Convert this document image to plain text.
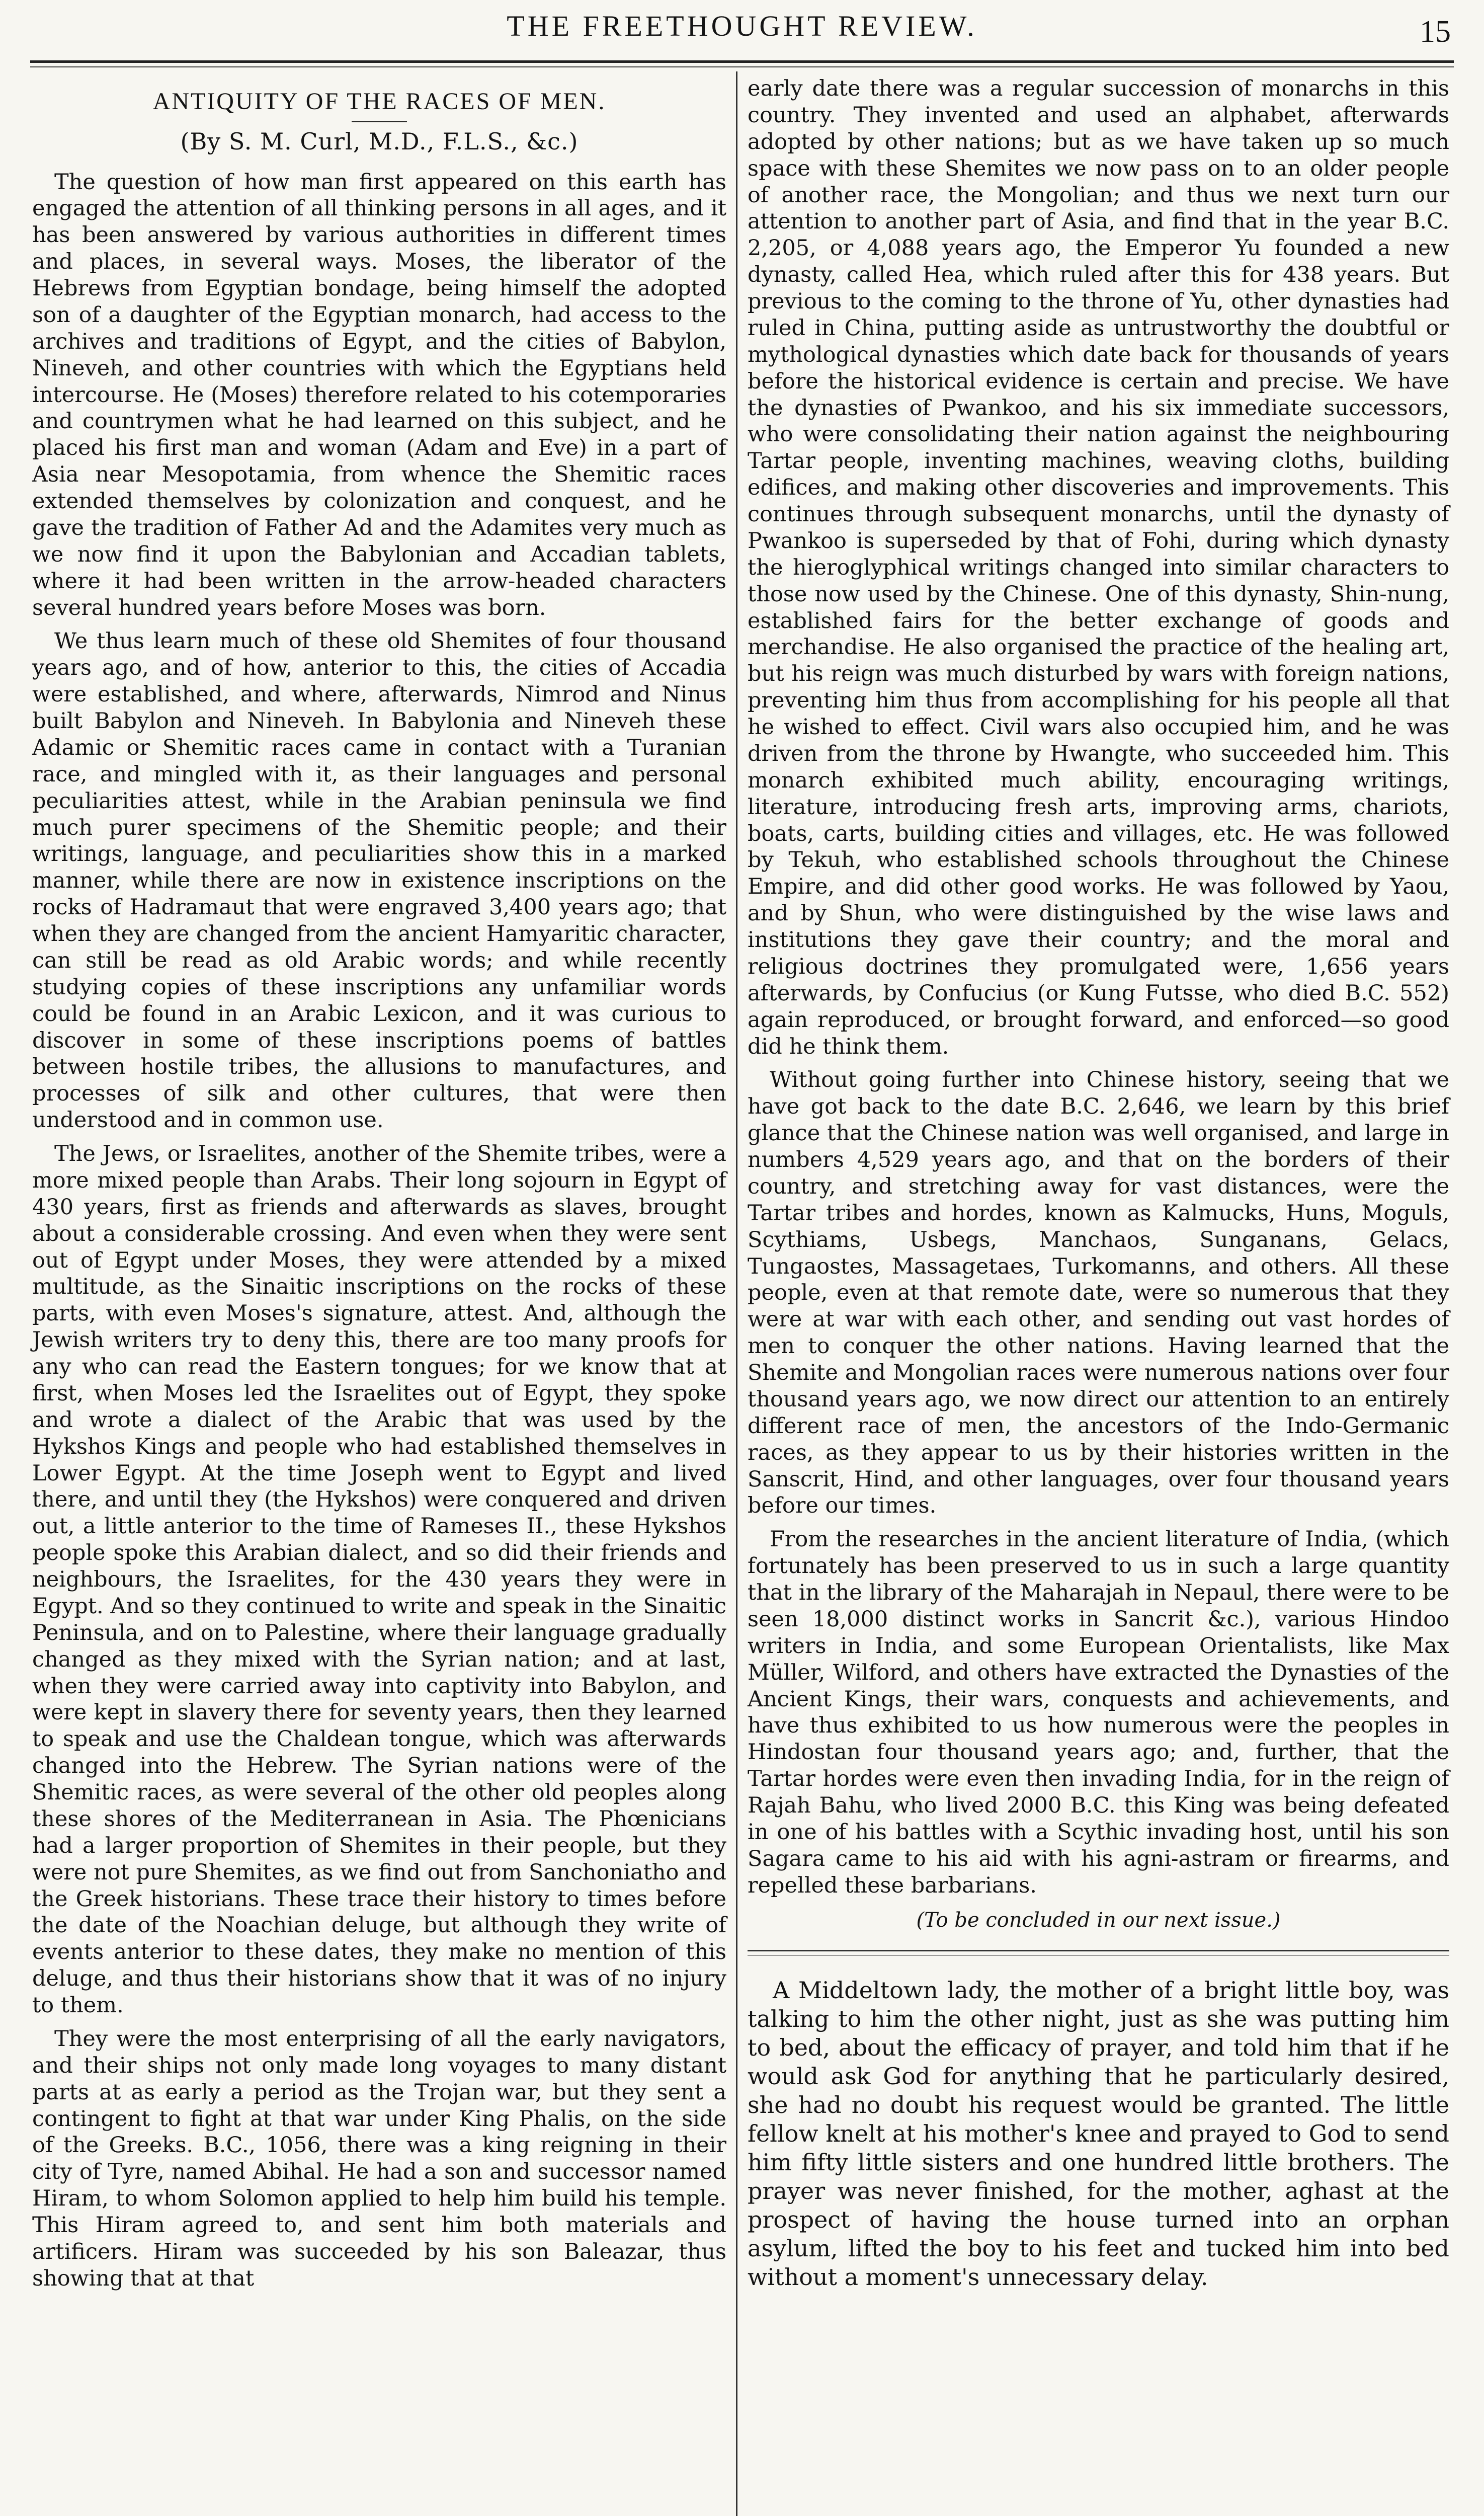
THE FREETHOUGHT REVIEW.	15
ANTIQUITY OF THE RACES OF MEN.
(By S. M. Curl, M.D., F.L.S., &c.)

The question of how man first appeared on this earth has engaged the attention of all thinking persons in all ages, and it has been answered by various authorities in different times and places, in several ways. Moses, the liberator of the Hebrews from Egyptian bondage, being himself the adopted son of a daughter of the Egyptian monarch, had access to the archives and traditions of Egypt, and the cities of Babylon, Nineveh, and other countries with which the Egyptians held intercourse. He (Moses) therefore related to his cotemporaries and countrymen what he had learned on this subject, and he placed his first man and woman (Adam and Eve) in a part of Asia near Mesopotamia, from whence the Shemitic races extended themselves by colonization and conquest, and he gave the tradition of Father Ad and the Adamites very much as we now find it upon the Babylonian and Accadian tablets, where it had been written in the arrow-headed characters several hundred years before Moses was born.

We thus learn much of these old Shemites of four thousand years ago, and of how, anterior to this, the cities of Accadia were established, and where, afterwards, Nimrod and Ninus built Babylon and Nineveh. In Babylonia and Nineveh these Adamic or Shemitic races came in contact with a Turanian race, and mingled with it, as their languages and personal peculiarities attest, while in the Arabian peninsula we find much purer specimens of the Shemitic people; and their writings, language, and peculiarities show this in a marked manner, while there are now in existence inscriptions on the rocks of Hadramaut that were engraved 3,400 years ago; that when they are changed from the ancient Hamyaritic character, can still be read as old Arabic words; and while recently studying copies of these inscriptions any unfamiliar words could be found in an Arabic Lexicon, and it was curious to discover in some of these inscriptions poems of battles between hostile tribes, the allusions to manufactures, and processes of silk and other cultures, that were then understood and in common use.

The Jews, or Israelites, another of the Shemite tribes, were a more mixed people than Arabs. Their long sojourn in Egypt of 430 years, first as friends and afterwards as slaves, brought about a considerable crossing. And even when they were sent out of Egypt under Moses, they were attended by a mixed multitude, as the Sinaitic inscriptions on the rocks of these parts, with even Moses's signature, attest. And, although the Jewish writers try to deny this, there are too many proofs for any who can read the Eastern tongues; for we know that at first, when Moses led the Israelites out of Egypt, they spoke and wrote a dialect of the Arabic that was used by the Hykshos Kings and people who had established themselves in Lower Egypt. At the time Joseph went to Egypt and lived there, and until they (the Hykshos) were conquered and driven out, a little anterior to the time of Rameses II., these Hykshos people spoke this Arabian dialect, and so did their friends and neighbours, the Israelites, for the 430 years they were in Egypt. And so they continued to write and speak in the Sinaitic Peninsula, and on to Palestine, where their language gradually changed as they mixed with the Syrian nation; and at last, when they were carried away into captivity into Babylon, and were kept in slavery there for seventy years, then they learned to speak and use the Chaldean tongue, which was afterwards changed into the Hebrew. The Syrian nations were of the Shemitic races, as were several of the other old peoples along these shores of the Mediterranean in Asia. The Phœnicians had a larger proportion of Shemites in their people, but they were not pure Shemites, as we find out from Sanchoniatho and the Greek historians. These trace their history to times before the date of the Noachian deluge, but although they write of events anterior to these dates, they make no mention of this deluge, and thus their historians show that it was of no injury to them.

They were the most enterprising of all the early navigators, and their ships not only made long voyages to many distant parts at as early a period as the Trojan war, but they sent a contingent to fight at that war under King Phalis, on the side of the Greeks. B.C., 1056, there was a king reigning in their city of Tyre, named Abihal. He had a son and successor named Hiram, to whom Solomon applied to help him build his temple. This Hiram agreed to, and sent him both materials and artificers. Hiram was succeeded by his son Baleazar, thus showing that at that

early date there was a regular succession of monarchs in this country. They invented and used an alphabet, afterwards adopted by other nations; but as we have taken up so much space with these Shemites we now pass on to an older people of another race, the Mongolian; and thus we next turn our attention to another part of Asia, and find that in the year B.C. 2,205, or 4,088 years ago, the Emperor Yu founded a new dynasty, called Hea, which ruled after this for 438 years. But previous to the coming to the throne of Yu, other dynasties had ruled in China, putting aside as untrustworthy the doubtful or mythological dynasties which date back for thousands of years before the historical evidence is certain and precise. We have the dynasties of Pwankoo, and his six immediate successors, who were consolidating their nation against the neighbouring Tartar people, inventing machines, weaving cloths, building edifices, and making other discoveries and improvements. This continues through subsequent monarchs, until the dynasty of Pwankoo is superseded by that of Fohi, during which dynasty the hieroglyphical writings changed into similar characters to those now used by the Chinese. One of this dynasty, Shin-nung, established fairs for the better exchange of goods and merchandise. He also organised the practice of the healing art, but his reign was much disturbed by wars with foreign nations, preventing him thus from accomplishing for his people all that he wished to effect. Civil wars also occupied him, and he was driven from the throne by Hwangte, who succeeded him. This monarch exhibited much ability, encouraging writings, literature, introducing fresh arts, improving arms, chariots, boats, carts, building cities and villages, etc. He was followed by Tekuh, who established schools throughout the Chinese Empire, and did other good works. He was followed by Yaou, and by Shun, who were distinguished by the wise laws and institutions they gave their country; and the moral and religious doctrines they promulgated were, 1,656 years afterwards, by Confucius (or Kung Futsse, who died B.C. 552) again reproduced, or brought forward, and enforced—so good did he think them.

Without going further into Chinese history, seeing that we have got back to the date B.C. 2,646, we learn by this brief glance that the Chinese nation was well organised, and large in numbers 4,529 years ago, and that on the borders of their country, and stretching away for vast distances, were the Tartar tribes and hordes, known as Kalmucks, Huns, Moguls, Scythiams, Usbegs, Manchaos, Sunganans, Gelacs, Tungaostes, Massagetaes, Turkomanns, and others. All these people, even at that remote date, were so numerous that they were at war with each other, and sending out vast hordes of men to conquer the other nations. Having learned that the Shemite and Mongolian races were numerous nations over four thousand years ago, we now direct our attention to an entirely different race of men, the ancestors of the Indo-Germanic races, as they appear to us by their histories written in the Sanscrit, Hind, and other languages, over four thousand years before our times.

From the researches in the ancient literature of India, (which fortunately has been preserved to us in such a large quantity that in the library of the Maharajah in Nepaul, there were to be seen 18,000 distinct works in Sancrit &c.), various Hindoo writers in India, and some European Orientalists, like Max Müller, Wilford, and others have extracted the Dynasties of the Ancient Kings, their wars, conquests and achievements, and have thus exhibited to us how numerous were the peoples in Hindostan four thousand years ago; and, further, that the Tartar hordes were even then invading India, for in the reign of Rajah Bahu, who lived 2000 B.C. this King was being defeated in one of his battles with a Scythic invading host, until his son Sagara came to his aid with his agni-astram or firearms, and repelled these barbarians.

(To be concluded in our next issue.)

A Middeltown lady, the mother of a bright little boy, was talking to him the other night, just as she was putting him to bed, about the efficacy of prayer, and told him that if he would ask God for anything that he particularly desired, she had no doubt his request would be granted. The little fellow knelt at his mother's knee and prayed to God to send him fifty little sisters and one hundred little brothers. The prayer was never finished, for the mother, aghast at the prospect of having the house turned into an orphan asylum, lifted the boy to his feet and tucked him into bed without a moment's unnecessary delay.
